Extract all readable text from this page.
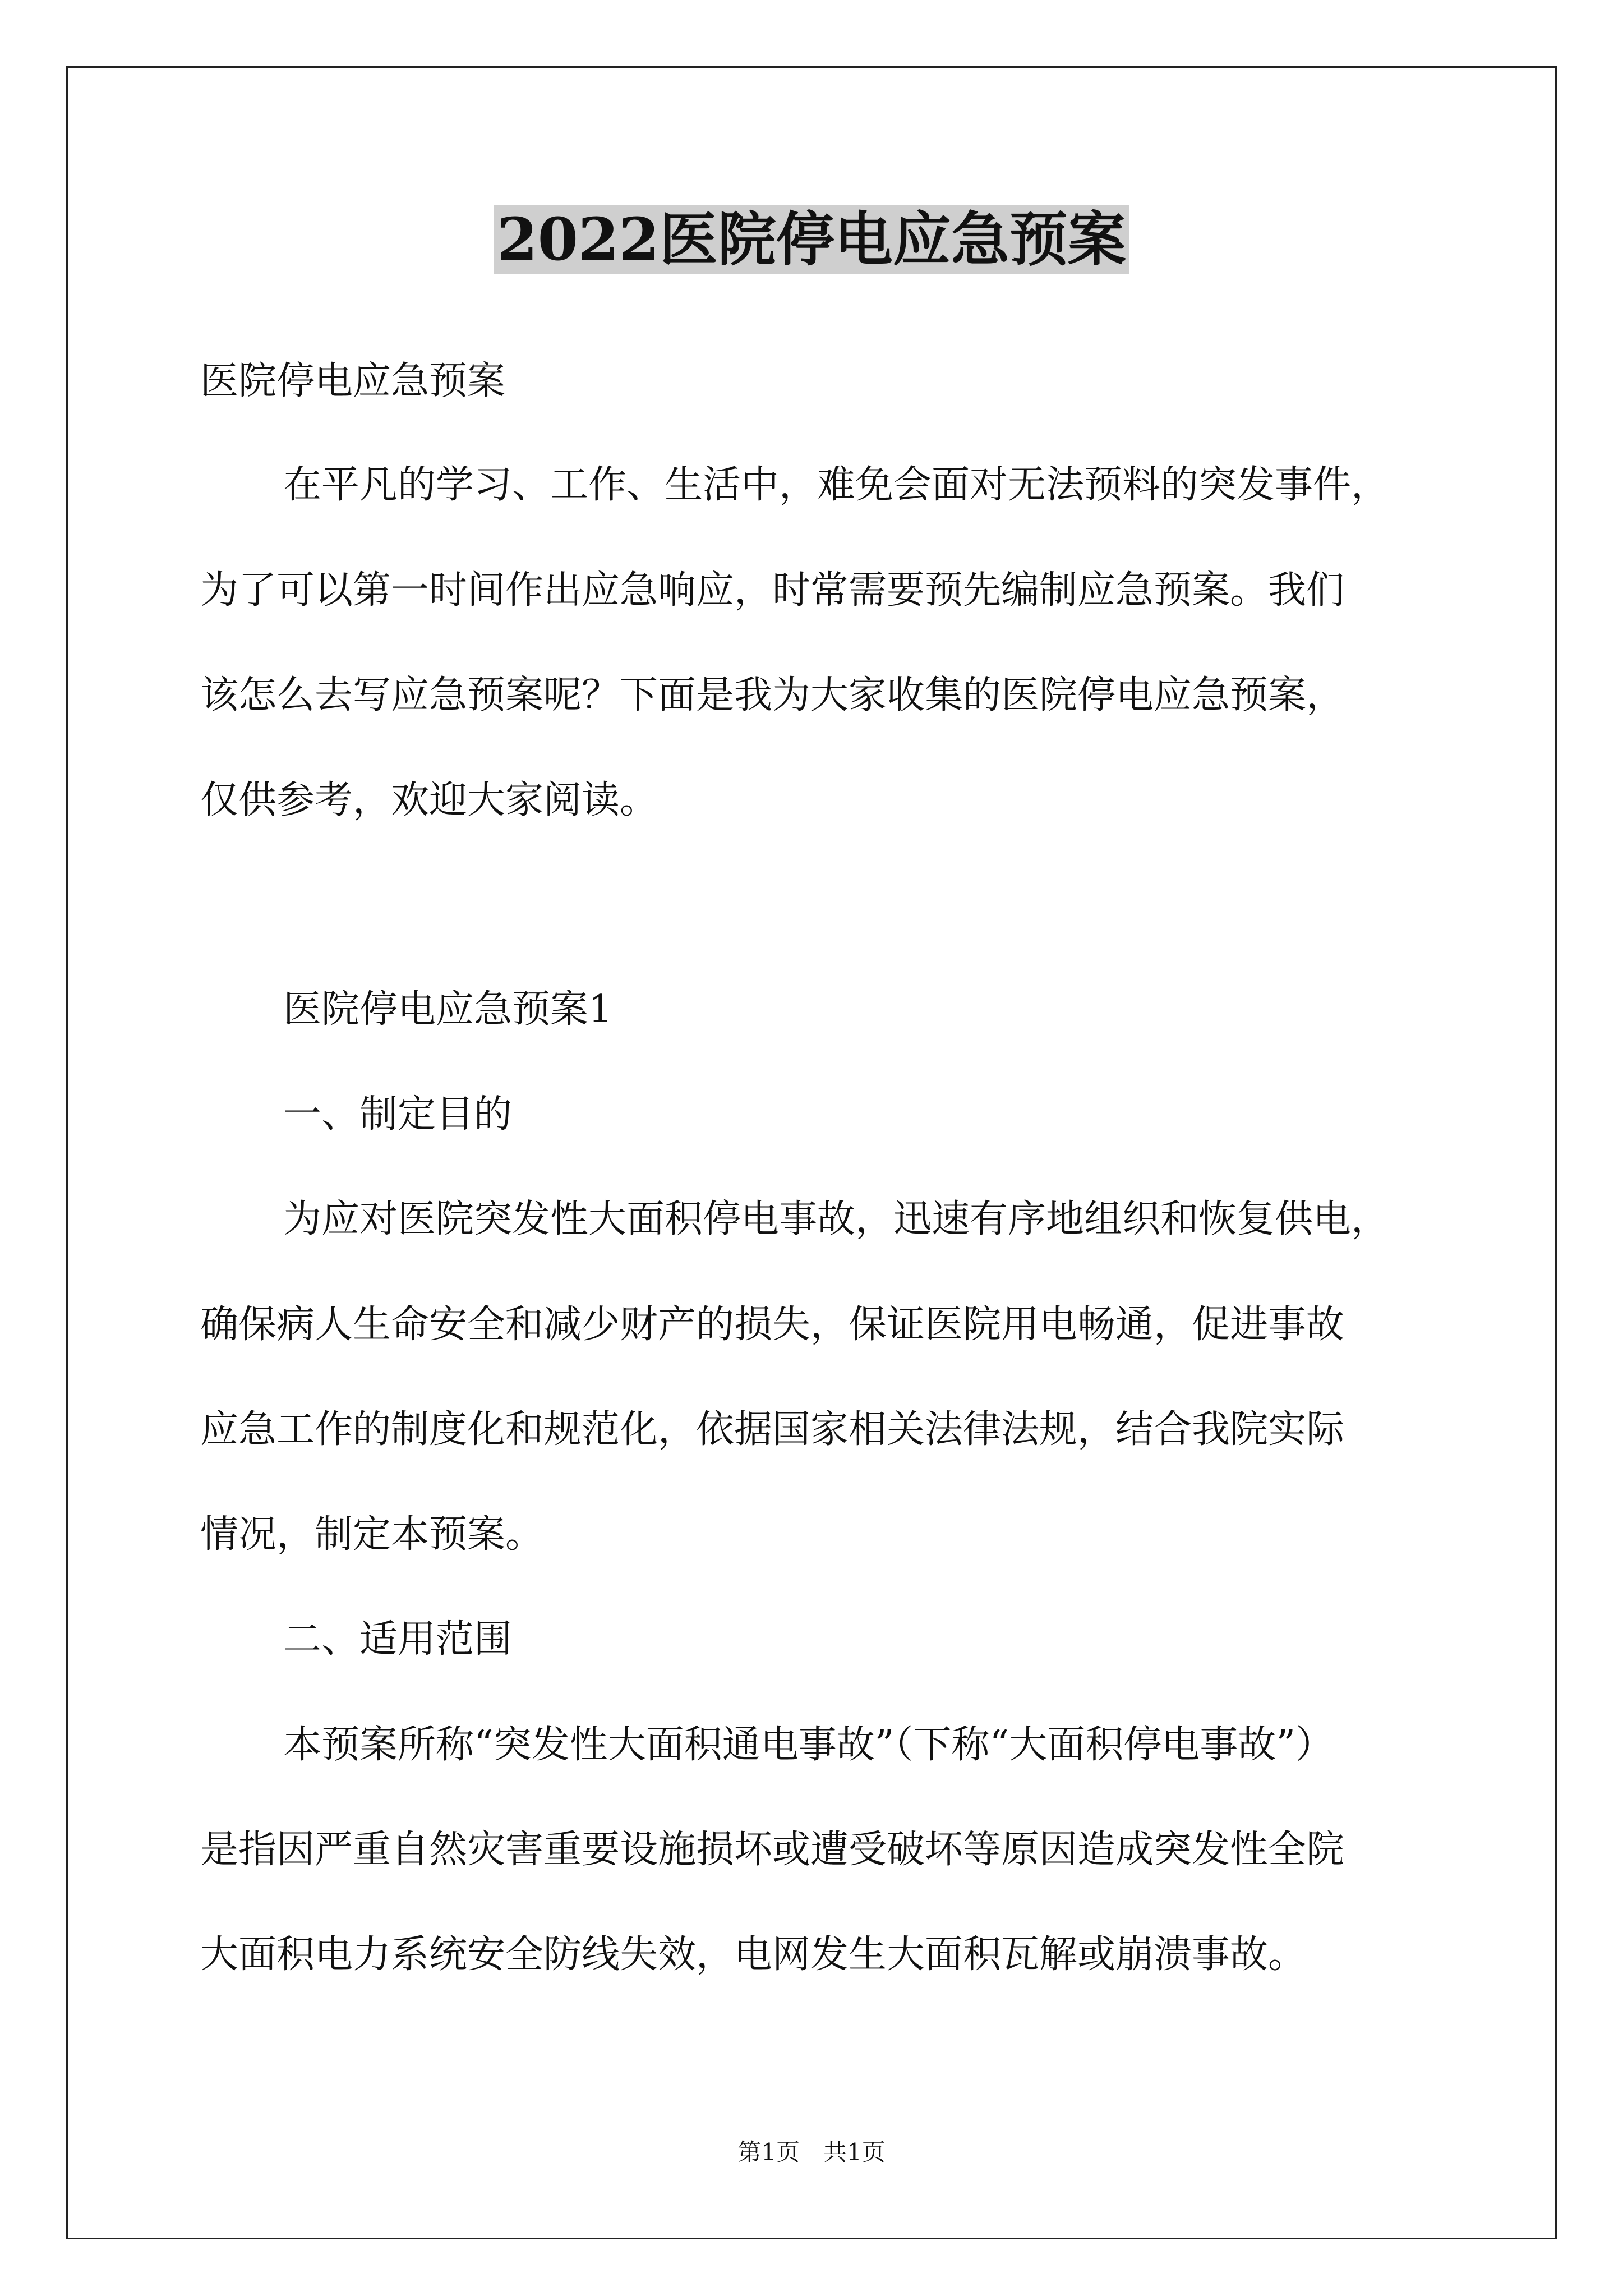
2022医院停电应急预案

医院停电应急预案

在平凡的学习、工作、生活中，难免会面对无法预料的突发事件，

为了可以第一时间作出应急响应，时常需要预先编制应急预案。我们

该怎么去写应急预案呢？下面是我为大家收集的医院停电应急预案，

仅供参考，欢迎大家阅读。

医院停电应急预案1

一、制定目的

为应对医院突发性大面积停电事故，迅速有序地组织和恢复供电，

确保病人生命安全和减少财产的损失，保证医院用电畅通，促进事故

应急工作的制度化和规范化，依据国家相关法律法规，结合我院实际

情况，制定本预案。

二、适用范围

本预案所称“突发性大面积通电事故”（下称“大面积停电事故”）

是指因严重自然灾害重要设施损坏或遭受破坏等原因造成突发性全院

大面积电力系统安全防线失效，电网发生大面积瓦解或崩溃事故。

第1页　共1页
